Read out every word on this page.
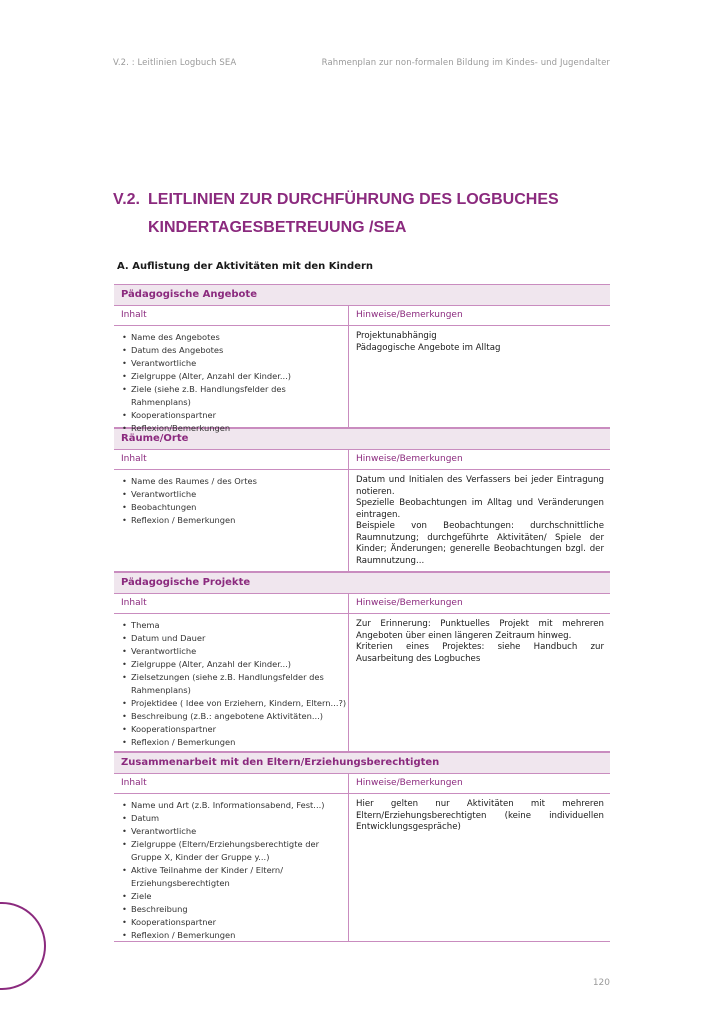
V.2. : Leitlinien Logbuch SEA	Rahmenplan zur non-formalen Bildung im Kindes- und Jugendalter
V.2. LEITLINIEN ZUR DURCHFÜHRUNG DES LOGBUCHES
KINDERTAGESBETREUUNG /SEA
A. Auflistung der Aktivitäten mit den Kindern
Pädagogische Angebote
Inhalt	Hinweise/Bemerkungen
• Name des Angebotes
• Datum des Angebotes
• Verantwortliche
• Zielgruppe (Alter, Anzahl der Kinder...)
• Ziele (siehe z.B. Handlungsfelder des Rahmenplans)
• Kooperationspartner
• Reflexion/Bemerkungen
Projektunabhängig
Pädagogische Angebote im Alltag
Räume/Orte
Inhalt	Hinweise/Bemerkungen
• Name des Raumes / des Ortes
• Verantwortliche
• Beobachtungen
• Reflexion / Bemerkungen
Datum und Initialen des Verfassers bei jeder Eintragung notieren.
Spezielle Beobachtungen im Alltag und Veränderungen eintragen.
Beispiele von Beobachtungen: durchschnittliche Raumnutzung; durchgeführte Aktivitäten/ Spiele der Kinder; Änderungen; generelle Beobachtungen bzgl. der Raumnutzung...
Pädagogische Projekte
Inhalt	Hinweise/Bemerkungen
• Thema
• Datum und Dauer
• Verantwortliche
• Zielgruppe (Alter, Anzahl der Kinder...)
• Zielsetzungen (siehe z.B. Handlungsfelder des Rahmenplans)
• Projektidee ( Idee von Erziehern, Kindern, Eltern...?)
• Beschreibung (z.B.: angebotene Aktivitäten...)
• Kooperationspartner
• Reflexion / Bemerkungen
Zur Erinnerung: Punktuelles Projekt mit mehreren Angeboten über einen längeren Zeitraum hinweg.
Kriterien eines Projektes: siehe Handbuch zur Ausarbeitung des Logbuches
Zusammenarbeit mit den Eltern/Erziehungsberechtigten
Inhalt	Hinweise/Bemerkungen
• Name und Art (z.B. Informationsabend, Fest...)
• Datum
• Verantwortliche
• Zielgruppe (Eltern/Erziehungsberechtigte der Gruppe X, Kinder der Gruppe y...)
• Aktive Teilnahme der Kinder / Eltern/ Erziehungsberechtigten
• Ziele
• Beschreibung
• Kooperationspartner
• Reflexion / Bemerkungen
Hier gelten nur Aktivitäten mit mehreren Eltern/Erziehungsberechtigten (keine individuellen Entwicklungsgespräche)
120
